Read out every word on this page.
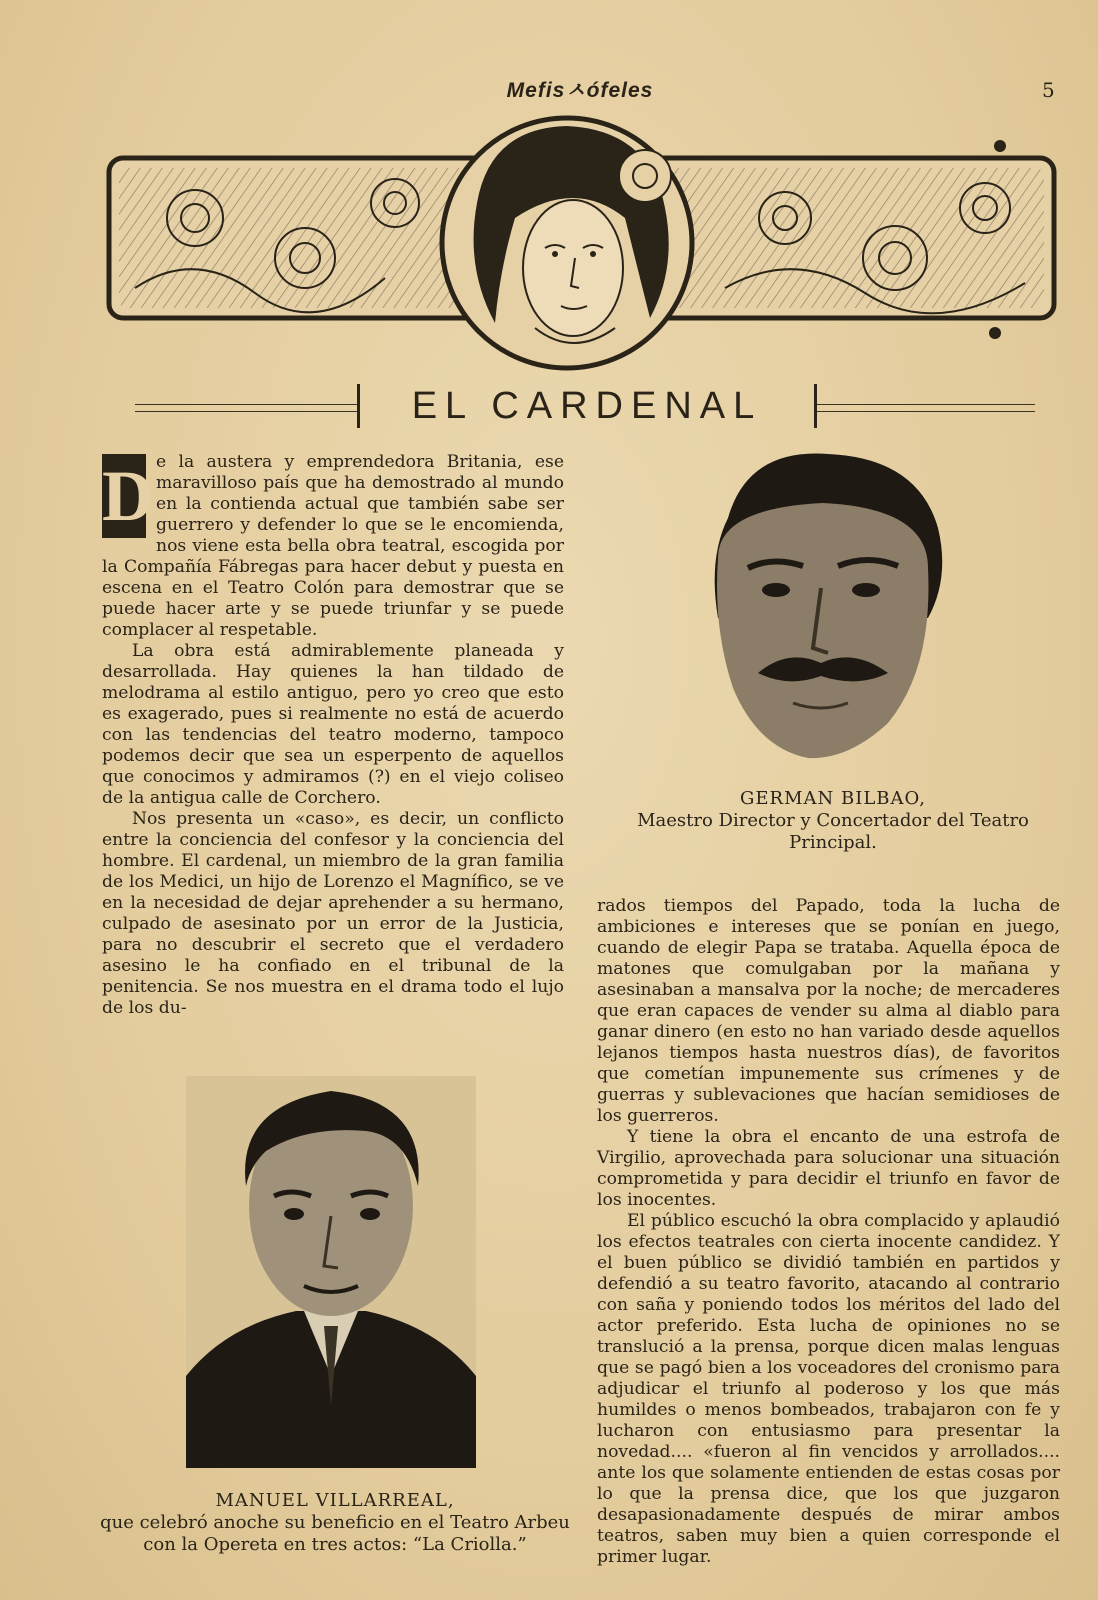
Mefisㅅófeles	5
EL CARDENAL
D e la austera y emprendedora Britania, ese maravilloso país que ha demostrado al mundo en la contienda actual que también sabe ser guerrero y defender lo que se le encomienda, nos viene esta bella obra teatral, escogida por la Compañía Fábregas para hacer debut y puesta en escena en el Teatro Colón para demostrar que se puede hacer arte y se puede triunfar y se puede complacer al respetable.

La obra está admirablemente planeada y desarrollada. Hay quienes la han tildado de melodrama al estilo antiguo, pero yo creo que esto es exagerado, pues si realmente no está de acuerdo con las tendencias del teatro moderno, tampoco podemos decir que sea un esperpento de aquellos que conocimos y admiramos (?) en el viejo coliseo de la antigua calle de Corchero.

Nos presenta un «caso», es decir, un conflicto entre la conciencia del confesor y la conciencia del hombre. El cardenal, un miembro de la gran familia de los Medici, un hijo de Lorenzo el Magnífico, se ve en la necesidad de dejar aprehender a su hermano, culpado de asesinato por un error de la Justicia, para no descubrir el secreto que el verdadero asesino le ha confiado en el tribunal de la penitencia. Se nos muestra en el drama todo el lujo de los du-

GERMAN BILBAO,
Maestro Director y Concertador del Teatro Principal.

rados tiempos del Papado, toda la lucha de ambiciones e intereses que se ponían en juego, cuando de elegir Papa se trataba. Aquella época de matones que comulgaban por la mañana y asesinaban a mansalva por la noche; de mercaderes que eran capaces de vender su alma al diablo para ganar dinero (en esto no han variado desde aquellos lejanos tiempos hasta nuestros días), de favoritos que cometían impunemente sus crímenes y de guerras y sublevaciones que hacían semidioses de los guerreros.

Y tiene la obra el encanto de una estrofa de Virgilio, aprovechada para solucionar una situación comprometida y para decidir el triunfo en favor de los inocentes.

El público escuchó la obra complacido y aplaudió los efectos teatrales con cierta inocente candidez. Y el buen público se dividió también en partidos y defendió a su teatro favorito, atacando al contrario con saña y poniendo todos los méritos del lado del actor preferido. Esta lucha de opiniones no se translució a la prensa, porque dicen malas lenguas que se pagó bien a los voceadores del cronismo para adjudicar el triunfo al poderoso y los que más humildes o menos bombeados, trabajaron con fe y lucharon con entusiasmo para presentar la novedad.... «fueron al fin vencidos y arrollados.... ante los que solamente entienden de estas cosas por lo que la prensa dice, que los que juzgaron desapasionadamente después de mirar ambos teatros, saben muy bien a quien corresponde el primer lugar.

MANUEL VILLARREAL,
que celebró anoche su beneficio en el Teatro Arbeu con la Opereta en tres actos: “La Criolla.”
